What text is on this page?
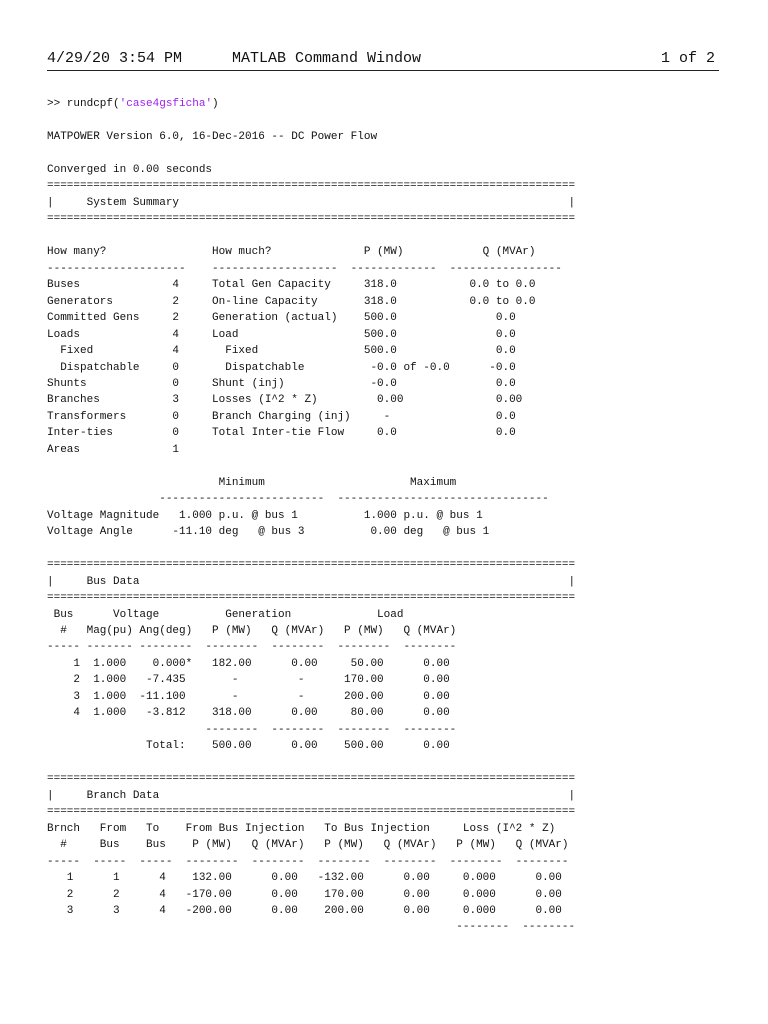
4/29/20 3:54 PM	MATLAB Command Window	1 of 2
>> rundcpf('case4gsficha')
MATPOWER Version 6.0, 16-Dec-2016 -- DC Power Flow
Converged in 0.00 seconds
================================================================================
|     System Summary                                                           |
================================================================================
How many?                How much?              P (MW)            Q (MVAr)
---------------------    -------------------  -------------  -----------------
Buses              4     Total Gen Capacity     318.0           0.0 to 0.0
Generators         2     On-line Capacity       318.0           0.0 to 0.0
Committed Gens     2     Generation (actual)    500.0               0.0
Loads              4     Load                   500.0               0.0
Fixed            4       Fixed                500.0               0.0
Dispatchable     0       Dispatchable          -0.0 of -0.0      -0.0
Shunts             0     Shunt (inj)             -0.0               0.0
Branches           3     Losses (I^2 * Z)         0.00              0.00
Transformers       0     Branch Charging (inj)     -                0.0
Inter-ties         0     Total Inter-tie Flow     0.0               0.0
Areas              1
Minimum                      Maximum
-------------------------  --------------------------------
Voltage Magnitude   1.000 p.u. @ bus 1          1.000 p.u. @ bus 1
Voltage Angle      -11.10 deg   @ bus 3          0.00 deg   @ bus 1
================================================================================
|     Bus Data                                                                 |
================================================================================
Bus      Voltage          Generation             Load
#   Mag(pu) Ang(deg)   P (MW)   Q (MVAr)   P (MW)   Q (MVAr)
----- ------- --------  --------  --------  --------  --------
1  1.000    0.000*   182.00      0.00     50.00      0.00
2  1.000   -7.435       -         -      170.00      0.00
3  1.000  -11.100       -         -      200.00      0.00
4  1.000   -3.812    318.00      0.00     80.00      0.00
--------  --------  --------  --------
Total:    500.00      0.00    500.00      0.00
================================================================================
|     Branch Data                                                              |
================================================================================
Brnch   From   To    From Bus Injection   To Bus Injection     Loss (I^2 * Z)
#     Bus    Bus    P (MW)   Q (MVAr)   P (MW)   Q (MVAr)   P (MW)   Q (MVAr)
-----  -----  -----  --------  --------  --------  --------  --------  --------
1      1      4    132.00      0.00   -132.00      0.00     0.000      0.00
2      2      4   -170.00      0.00    170.00      0.00     0.000      0.00
3      3      4   -200.00      0.00    200.00      0.00     0.000      0.00
--------  --------
